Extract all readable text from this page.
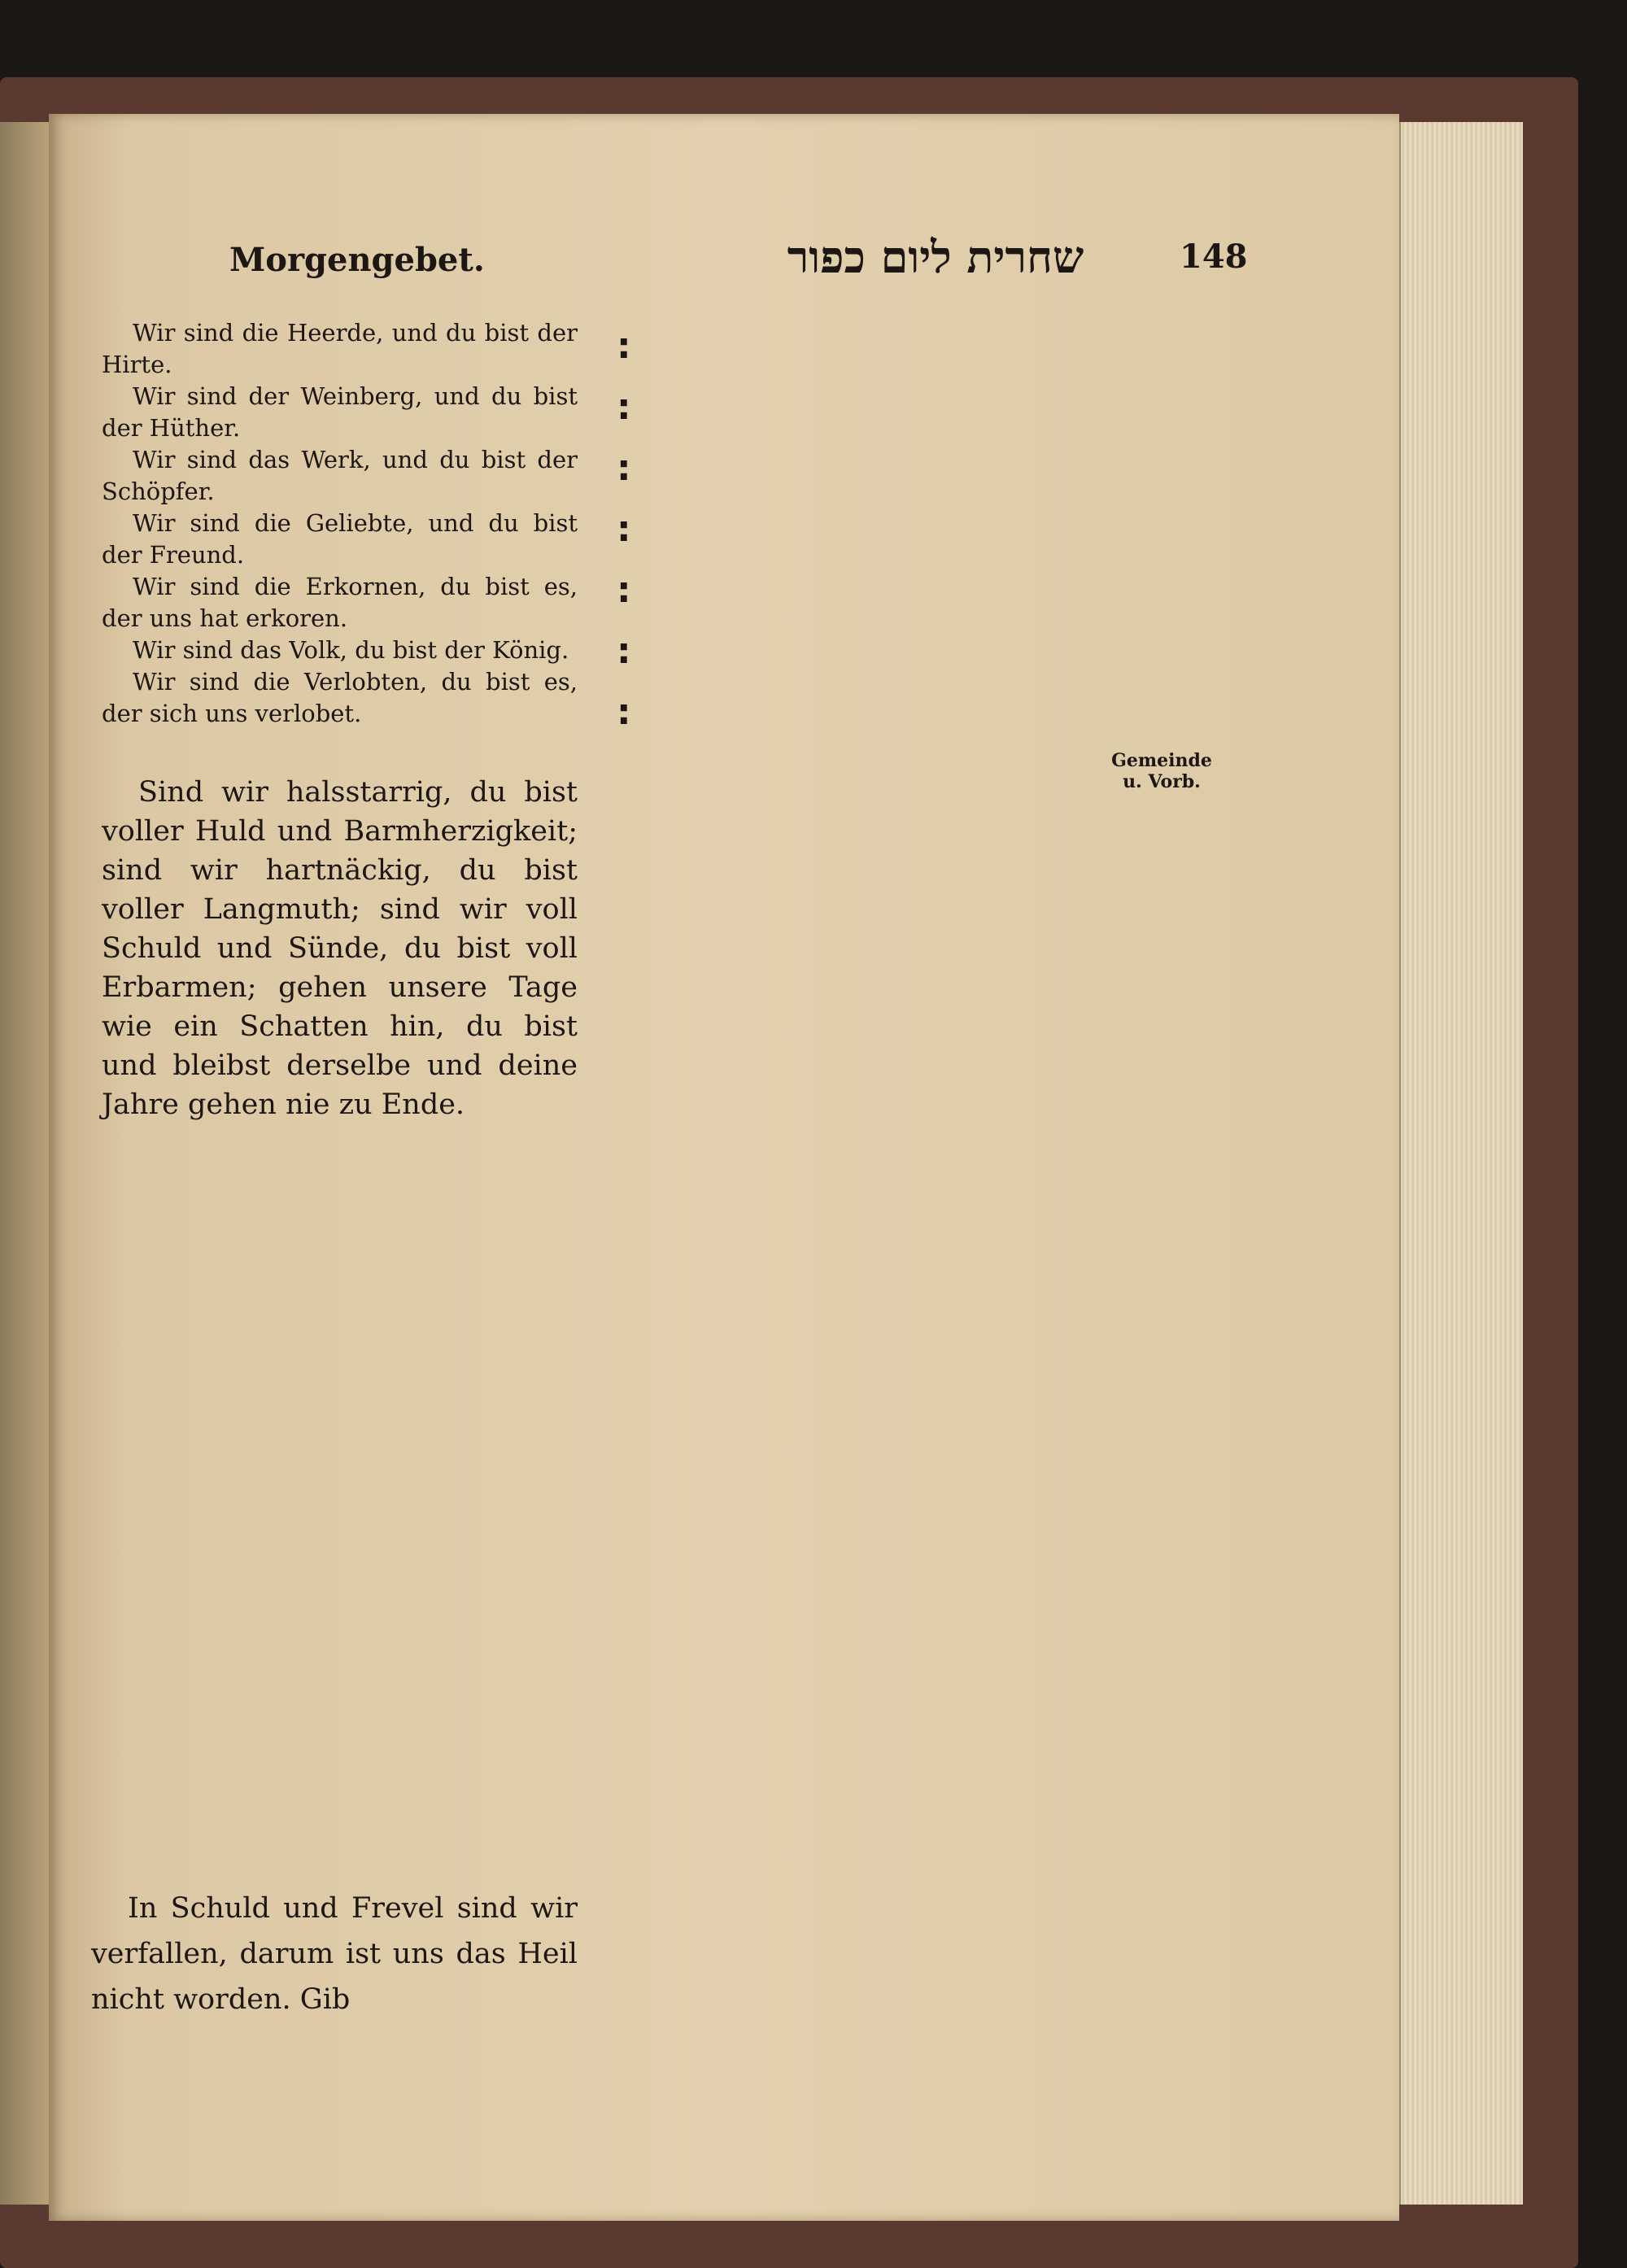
Morgengebet.	שחרית ליום כפור	148

Wir sind die Heerde, und du bist der Hirte.

Wir sind der Weinberg, und du bist der Hüther.

Wir sind das Werk, und du bist der Schöpfer.

Wir sind die Geliebte, und du bist der Freund.

Wir sind die Erkornen, du bist es, der uns hat erkoren.

Wir sind das Volk, du bist der König.

Wir sind die Verlobten, du bist es, der sich uns verlobet.

:
:
:
:
:
:
:
Gemeinde u. Vorb.

Sind wir halsstarrig, du bist voller Huld und Barmherzigkeit; sind wir hartnäckig, du bist voller Langmuth; sind wir voll Schuld und Sünde, du bist voll Erbarmen; gehen unsere Tage wie ein Schatten hin, du bist und bleibst derselbe und deine Jahre gehen nie zu Ende.

In Schuld und Frevel sind wir verfallen, darum ist uns das Heil nicht worden. Gib
